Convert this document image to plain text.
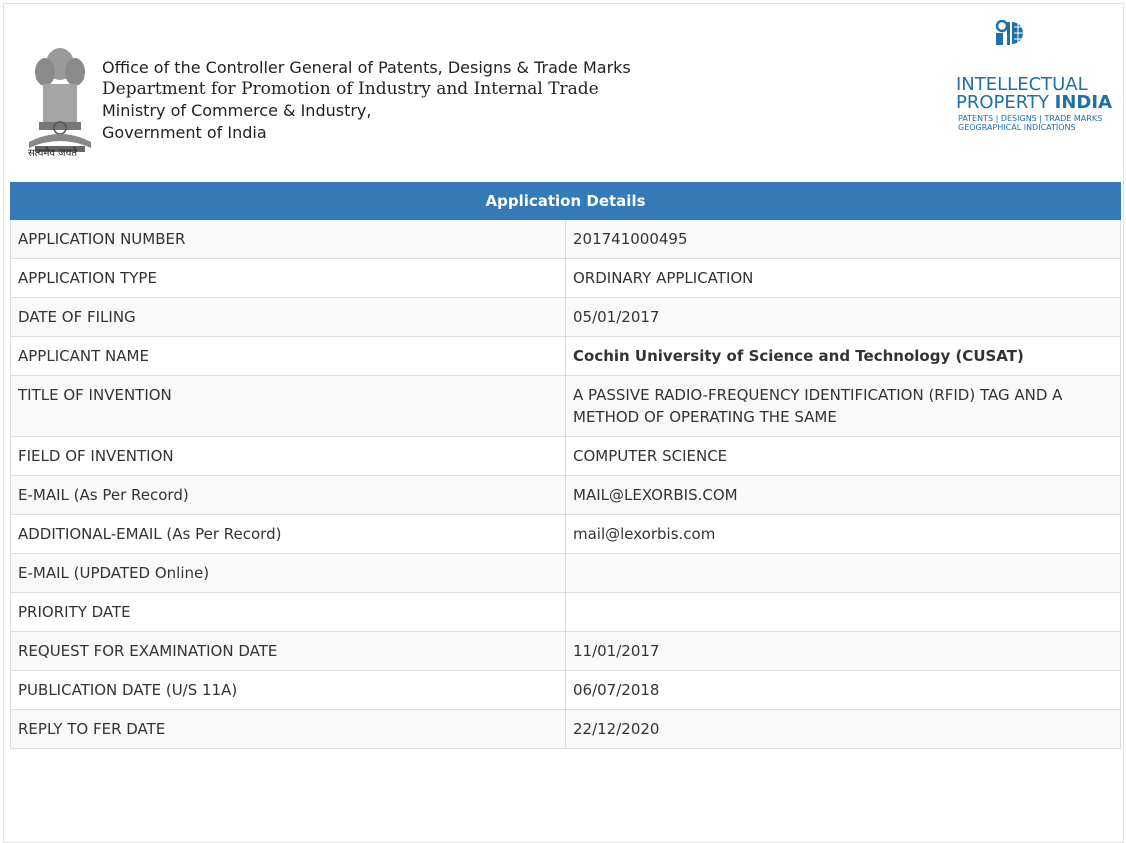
सत्यमेव जयते
Office of the Controller General of Patents, Designs & Trade Marks
Department for Promotion of Industry and Internal Trade
Ministry of Commerce & Industry,
Government of India
INTELLECTUAL
PROPERTY INDIA
PATENTS | DESIGNS | TRADE MARKS
GEOGRAPHICAL INDICATIONS
Application Details	
APPLICATION NUMBER	201741000495
APPLICATION TYPE	ORDINARY APPLICATION
DATE OF FILING	05/01/2017
APPLICANT NAME	Cochin University of Science and Technology (CUSAT)
TITLE OF INVENTION	A PASSIVE RADIO-FREQUENCY IDENTIFICATION (RFID) TAG AND A METHOD OF OPERATING THE SAME
FIELD OF INVENTION	COMPUTER SCIENCE
E-MAIL (As Per Record)	MAIL@LEXORBIS.COM
ADDITIONAL-EMAIL (As Per Record)	mail@lexorbis.com
E-MAIL (UPDATED Online)	
PRIORITY DATE	
REQUEST FOR EXAMINATION DATE	11/01/2017
PUBLICATION DATE (U/S 11A)	06/07/2018
REPLY TO FER DATE	22/12/2020
